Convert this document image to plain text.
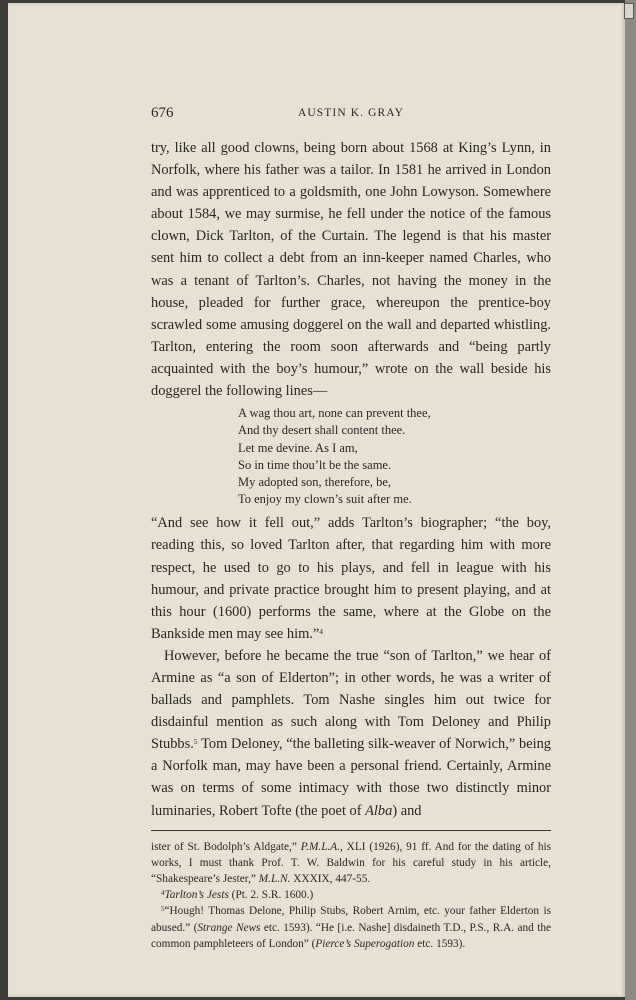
676	AUSTIN K. GRAY

try, like all good clowns, being born about 1568 at King’s Lynn, in Norfolk, where his father was a tailor. In 1581 he arrived in London and was apprenticed to a goldsmith, one John Lowyson. Somewhere about 1584, we may surmise, he fell under the notice of the famous clown, Dick Tarlton, of the Curtain. The legend is that his master sent him to collect a debt from an inn-keeper named Charles, who was a tenant of Tarlton’s. Charles, not having the money in the house, pleaded for further grace, whereupon the prentice-boy scrawled some amusing doggerel on the wall and departed whistling. Tarlton, entering the room soon afterwards and “being partly acquainted with the boy’s humour,” wrote on the wall beside his doggerel the following lines—

A wag thou art, none can prevent thee,
And thy desert shall content thee.
Let me devine. As I am,
So in time thou’lt be the same.
My adopted son, therefore, be,
To enjoy my clown’s suit after me.

“And see how it fell out,” adds Tarlton’s biographer; “the boy, reading this, so loved Tarlton after, that regarding him with more respect, he used to go to his plays, and fell in league with his humour, and private practice brought him to present playing, and at this hour (1600) performs the same, where at the Globe on the Bankside men may see him.”$^4$

However, before he became the true “son of Tarlton,” we hear of Armine as “a son of Elderton”; in other words, he was a writer of ballads and pamphlets. Tom Nashe singles him out twice for disdainful mention as such along with Tom Deloney and Philip Stubbs.$^5$ Tom Deloney, “the balleting silk-weaver of Norwich,” being a Norfolk man, may have been a personal friend. Certainly, Armine was on terms of some intimacy with those two distinctly minor luminaries, Robert Tofte (the poet of Alba) and

ister of St. Bodolph’s Aldgate,” P.M.L.A., XLI (1926), 91 ff. And for the dating of his works, I must thank Prof. T. W. Baldwin for his careful study in his article, “Shakespeare’s Jester,” M.L.N. XXXIX, 447-55.

$^4$Tarlton’s Jests (Pt. 2. S.R. 1600.)

$^5$“Hough! Thomas Delone, Philip Stubs, Robert Arnim, etc. your father Elderton is abused.” (Strange News etc. 1593). “He [i.e. Nashe] disdaineth T.D., P.S., R.A. and the common pamphleteers of London” (Pierce’s Superogation etc. 1593).
